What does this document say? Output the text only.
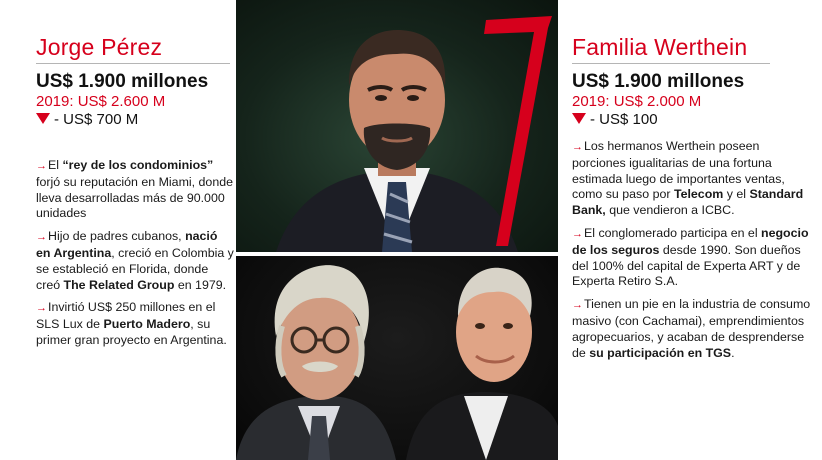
Jorge Pérez
US$ 1.900 millones
2019: US$ 2.600 M
- US$ 700 M
→El “rey de los condominios” forjó su reputación en Miami, donde lleva desarrolladas más de 90.000 unidades
→Hijo de padres cubanos, nació en Argentina, creció en Colombia y se estableció en Florida, donde creó The Related Group en 1979.
→Invirtió US$ 250 millones en el SLS Lux de Puerto Madero, su primer gran proyecto en Argentina.
Familia Werthein
US$ 1.900 millones
2019: US$ 2.000 M
- US$ 100
→Los hermanos Werthein poseen porciones igualitarias de una fortuna estimada luego de importantes ventas, como su paso por Telecom y el Standard Bank, que vendieron a ICBC.
→El conglomerado participa en el negocio de los seguros desde 1990. Son dueños del 100% del capital de Experta ART y de Experta Retiro S.A.
→Tienen un pie en la industria de consumo masivo (con Cachamai), emprendimientos agropecuarios, y acaban de desprenderse de su participación en TGS.
